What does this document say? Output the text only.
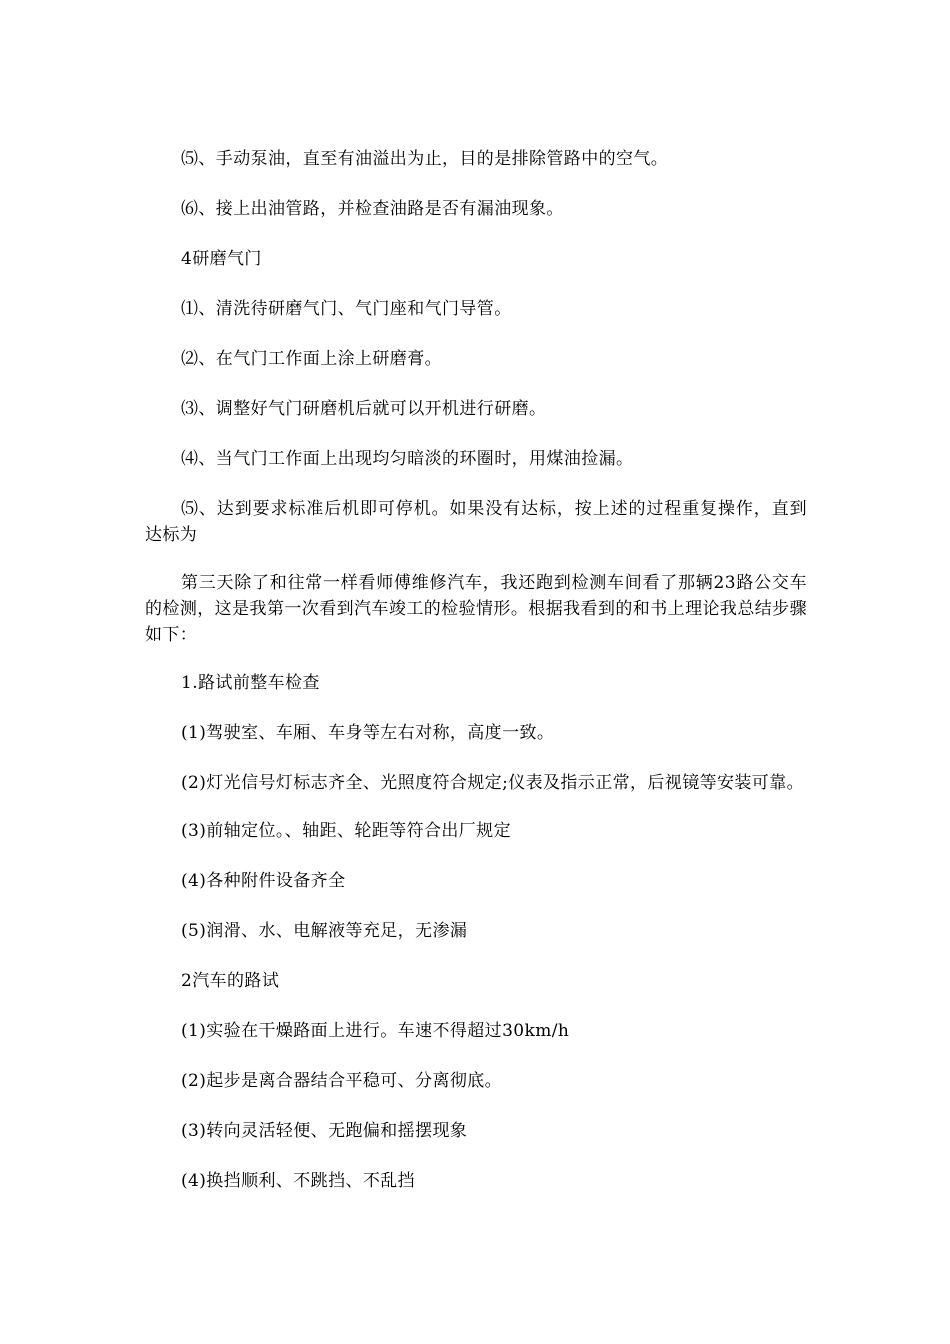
⑸、手动泵油，直至有油溢出为止，目的是排除管路中的空气。

⑹、接上出油管路，并检查油路是否有漏油现象。

4研磨气门

⑴、清洗待研磨气门、气门座和气门导管。

⑵、在气门工作面上涂上研磨膏。

⑶、调整好气门研磨机后就可以开机进行研磨。

⑷、当气门工作面上出现均匀暗淡的环圈时，用煤油捡漏。

⑸、达到要求标准后机即可停机。如果没有达标，按上述的过程重复操作，直到达标为

第三天除了和往常一样看师傅维修汽车，我还跑到检测车间看了那辆23路公交车的检测，这是我第一次看到汽车竣工的检验情形。根据我看到的和书上理论我总结步骤如下：

1.路试前整车检查

(1)驾驶室、车厢、车身等左右对称，高度一致。

(2)灯光信号灯标志齐全、光照度符合规定;仪表及指示正常，后视镜等安装可靠。

(3)前轴定位。、轴距、轮距等符合出厂规定

(4)各种附件设备齐全

(5)润滑、水、电解液等充足，无渗漏

2汽车的路试

(1)实验在干燥路面上进行。车速不得超过30km/h

(2)起步是离合器结合平稳可、分离彻底。

(3)转向灵活轻便、无跑偏和摇摆现象

(4)换挡顺利、不跳挡、不乱挡
